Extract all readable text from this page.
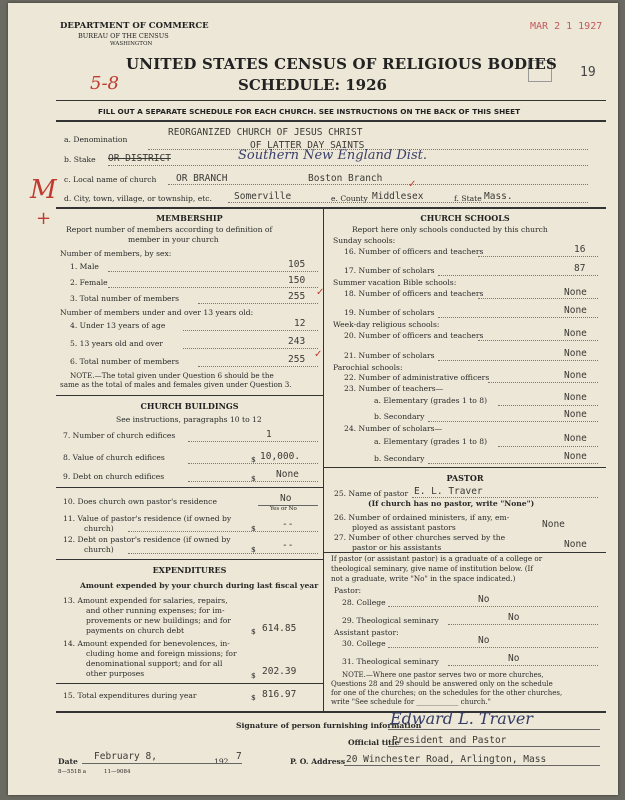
DEPARTMENT OF COMMERCE
BUREAU OF THE CENSUS
WASHINGTON
MAR 2 1 1927
19
5-8
UNITED STATES CENSUS OF RELIGIOUS BODIES
SCHEDULE: 1926
FILL OUT A SEPARATE SCHEDULE FOR EACH CHURCH. SEE INSTRUCTIONS ON THE BACK OF THIS SHEET
a. Denomination
REORGANIZED CHURCH OF JESUS CHRIST
OF LATTER DAY SAINTS
b. Stake OR DISTRICT	Southern New England Dist.
c. Local name of church OR BRANCH	Boston Branch
M
+
d. City, town, village, or township, etc. Somerville	e. County Middlesex	f. State Mass.
MEMBERSHIP
Report number of members according to definition of
member in your church
Number of members, by sex:
1. Male	105
2. Female	150
3. Total number of members	255
Number of members under and over 13 years old:
4. Under 13 years of age	12
5. 13 years old and over	243
6. Total number of members	255
NOTE.—The total given under Question 6 should be the
same as the total of males and females given under Question 3.
CHURCH BUILDINGS
See instructions, paragraphs 10 to 12
7. Number of church edifices	1
8. Value of church edifices	$ 10,000.
9. Debt on church edifices	$ None
10. Does church own pastor's residence	No
Yes or No
11. Value of pastor's residence (if owned by
church)	$	--
12. Debt on pastor's residence (if owned by
church)	$	--
EXPENDITURES
Amount expended by your church during last fiscal year
13. Amount expended for salaries, repairs,
and other running expenses; for im-
provements or new buildings; and for
payments on church debt	$ 614.85
14. Amount expended for benevolences, in-
cluding home and foreign missions; for
denominational support; and for all
other purposes	$ 202.39
15. Total expenditures during year	$ 816.97
CHURCH SCHOOLS
Report here only schools conducted by this church
Sunday schools:
16. Number of officers and teachers	16
17. Number of scholars	87
Summer vacation Bible schools:
18. Number of officers and teachers	None
19. Number of scholars	None
Week-day religious schools:
20. Number of officers and teachers	None
21. Number of scholars	None
Parochial schools:
22. Number of administrative officers	None
23. Number of teachers—
a. Elementary (grades 1 to 8)	None
b. Secondary	None
24. Number of scholars—
a. Elementary (grades 1 to 8)	None
b. Secondary	None
PASTOR
25. Name of pastor E. L. Traver
(If church has no pastor, write "None")
26. Number of ordained ministers, if any, em-
ployed as assistant pastors	None
27. Number of other churches served by the
pastor or his assistants	None
If pastor (or assistant pastor) is a graduate of a college or
theological seminary, give name of institution below. (If
not a graduate, write "No" in the space indicated.)
Pastor:
28. College	No
29. Theological seminary	No
Assistant pastor:
30. College	No
31. Theological seminary	No
NOTE.—Where one pastor serves two or more churches,
Questions 28 and 29 should be answered only on the schedule
for one of the churches; on the schedules for the other churches,
write "See schedule for ____________ church."
Signature of person furnishing information
Edward L. Traver
Official title
President and Pastor
Date February 8,	192 7	P. O. Address 20 Winchester Road, Arlington, Mass
8—5518 a	11—9084
✓
✓
✓
